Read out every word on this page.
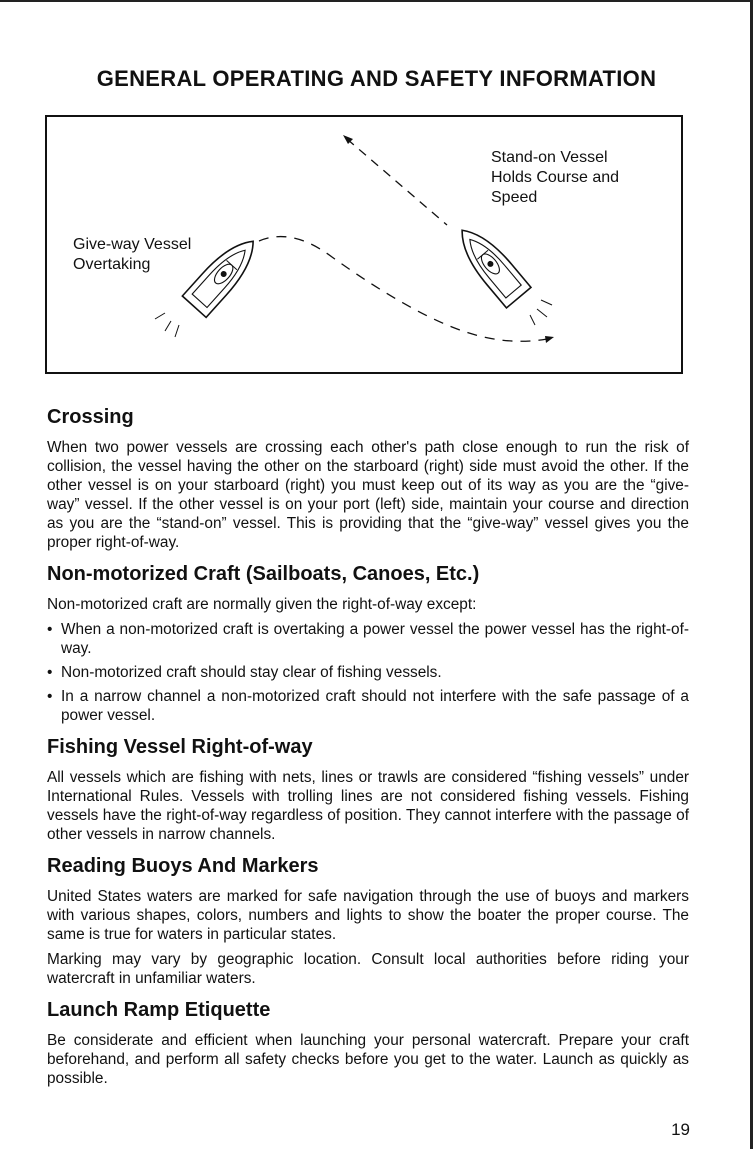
GENERAL OPERATING AND SAFETY INFORMATION
Stand-on Vessel
Holds Course and
Speed
Give-way Vessel
Overtaking
Crossing

When two power vessels are crossing each other's path close enough to run the risk of collision, the vessel having the other on the starboard (right) side must avoid the other. If the other vessel is on your starboard (right) you must keep out of its way as you are the “give-way” vessel. If the other vessel is on your port (left) side, maintain your course and direction as you are the “stand-on” vessel. This is providing that the “give-way” vessel gives you the proper right-of-way.

Non-motorized Craft (Sailboats, Canoes, Etc.)

Non-motorized craft are normally given the right-of-way except:

• When a non-motorized craft is overtaking a power vessel the power vessel has the right-of-way.
• Non-motorized craft should stay clear of fishing vessels.
• In a narrow channel a non-motorized craft should not interfere with the safe passage of a power vessel.
Fishing Vessel Right-of-way

All vessels which are fishing with nets, lines or trawls are considered “fishing vessels” under International Rules. Vessels with trolling lines are not considered fishing vessels. Fishing vessels have the right-of-way regardless of position. They cannot interfere with the passage of other vessels in narrow channels.

Reading Buoys And Markers

United States waters are marked for safe navigation through the use of buoys and markers with various shapes, colors, numbers and lights to show the boater the proper course. The same is true for waters in particular states.

Marking may vary by geographic location. Consult local authorities before riding your watercraft in unfamiliar waters.

Launch Ramp Etiquette

Be considerate and efficient when launching your personal watercraft. Prepare your craft beforehand, and perform all safety checks before you get to the water. Launch as quickly as possible.

19
